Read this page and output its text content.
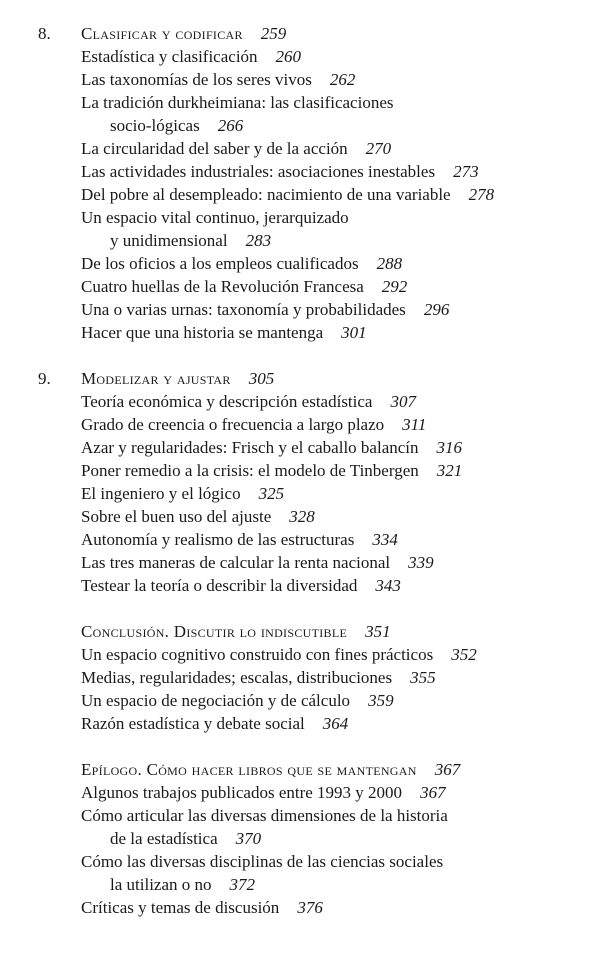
8. Clasificar y codificar 259
Estadística y clasificación 260
Las taxonomías de los seres vivos 262
La tradición durkheimiana: las clasificaciones
socio-lógicas 266
La circularidad del saber y de la acción 270
Las actividades industriales: asociaciones inestables 273
Del pobre al desempleado: nacimiento de una variable 278
Un espacio vital continuo, jerarquizado
y unidimensional 283
De los oficios a los empleos cualificados 288
Cuatro huellas de la Revolución Francesa 292
Una o varias urnas: taxonomía y probabilidades 296
Hacer que una historia se mantenga 301
9. Modelizar y ajustar 305
Teoría económica y descripción estadística 307
Grado de creencia o frecuencia a largo plazo 311
Azar y regularidades: Frisch y el caballo balancín 316
Poner remedio a la crisis: el modelo de Tinbergen 321
El ingeniero y el lógico 325
Sobre el buen uso del ajuste 328
Autonomía y realismo de las estructuras 334
Las tres maneras de calcular la renta nacional 339
Testear la teoría o describir la diversidad 343
Conclusión. Discutir lo indiscutible 351
Un espacio cognitivo construido con fines prácticos 352
Medias, regularidades; escalas, distribuciones 355
Un espacio de negociación y de cálculo 359
Razón estadística y debate social 364
Epílogo. Cómo hacer libros que se mantengan 367
Algunos trabajos publicados entre 1993 y 2000 367
Cómo articular las diversas dimensiones de la historia
de la estadística 370
Cómo las diversas disciplinas de las ciencias sociales
la utilizan o no 372
Críticas y temas de discusión 376
